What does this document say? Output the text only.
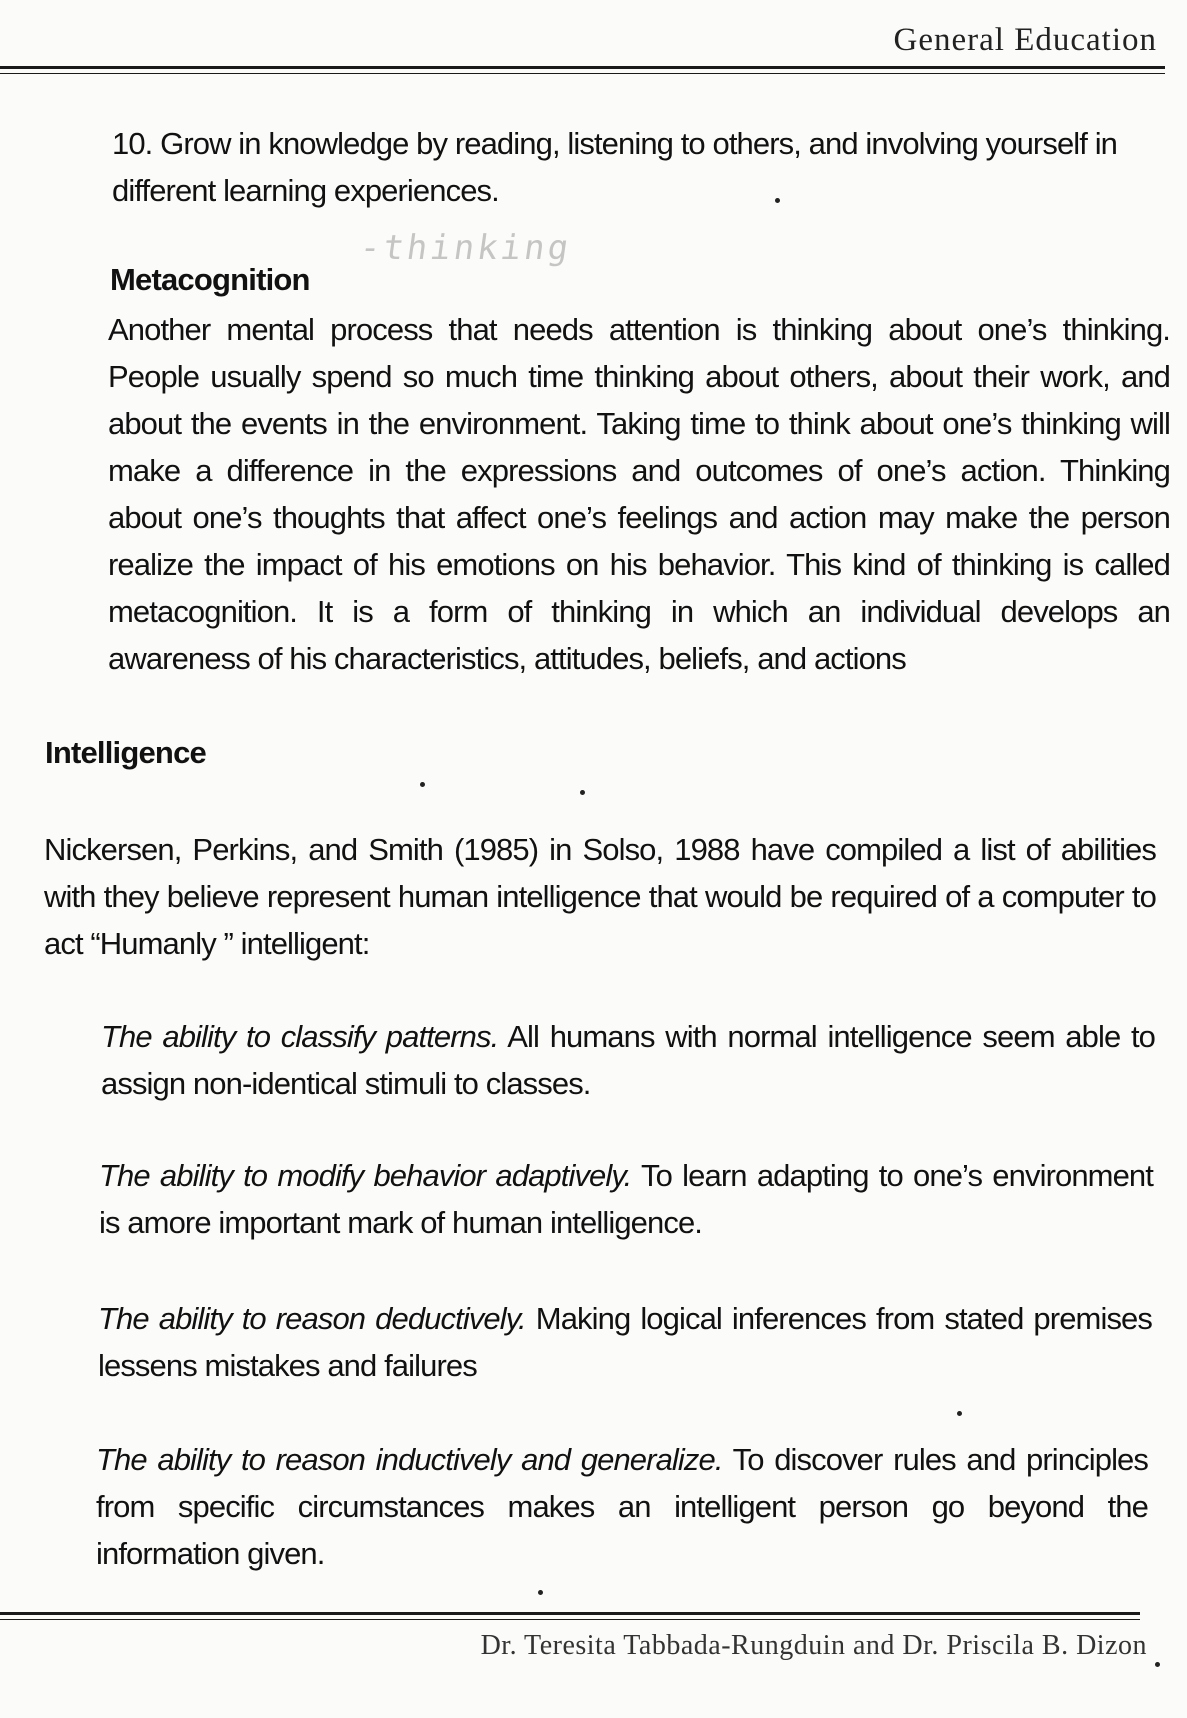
General Education
10. Grow in knowledge by reading, listening to others, and involving yourself in different learning experiences.
Metacognition
-thinking
Another mental process that needs attention is thinking about one’s thinking. People usually spend so much time thinking about others, about their work, and about the events in the environment. Taking time to think about one’s thinking will make a difference in the expressions and outcomes of one’s action. Thinking about one’s thoughts that affect one’s feelings and action may make the person realize the impact of his emotions on his behavior. This kind of thinking is called metacognition. It is a form of thinking in which an individual develops an awareness of his characteristics, attitudes, beliefs, and actions
Intelligence
Nickersen, Perkins, and Smith (1985) in Solso, 1988 have compiled a list of abilities with they believe represent human intelligence that would be required of a computer to act “Humanly ” intelligent:
The ability to classify patterns. All humans with normal intelligence seem able to assign non-identical stimuli to classes.
The ability to modify behavior adaptively. To learn adapting to one’s environment is amore important mark of human intelligence.
The ability to reason deductively. Making logical inferences from stated premises lessens mistakes and failures
The ability to reason inductively and generalize. To discover rules and principles from specific circumstances makes an intelligent person go beyond the information given.
Dr. Teresita Tabbada-Rungduin and Dr. Priscila B. Dizon
